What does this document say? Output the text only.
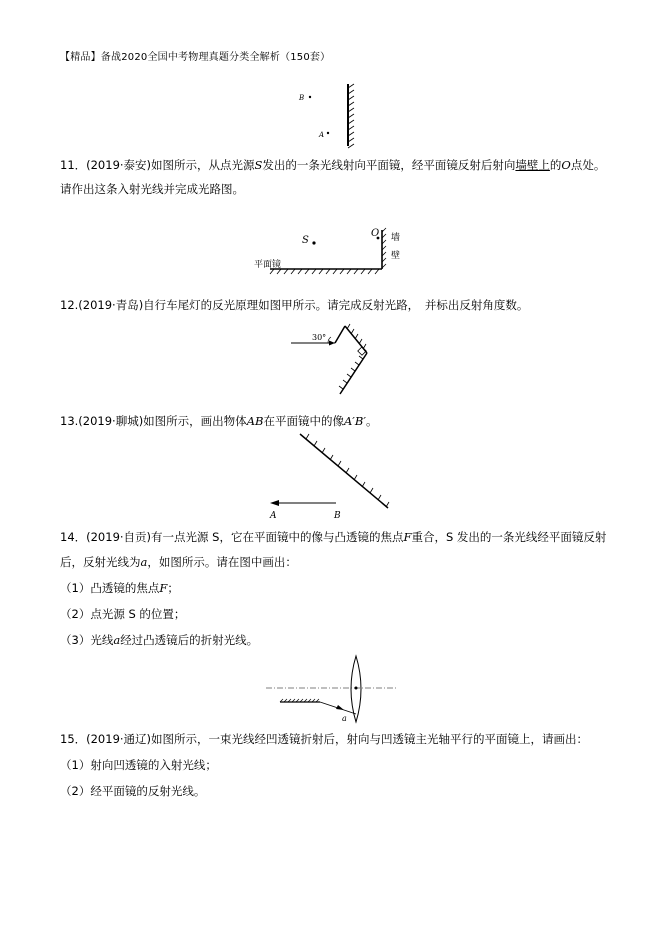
【精品】备战2020全国中考物理真题分类全解析（150套）
B
A
11．(2019·泰安)如图所示，从点光源S发出的一条光线射向平面镜，经平面镜反射后射向墙壁上的O点处。
请作出这条入射光线并完成光路图。
O
S
平面镜
墙
壁
12.(2019·青岛)自行车尾灯的反光原理如图甲所示。请完成反射光路，　并标出反射角度数。
30°
13.(2019·聊城)如图所示，画出物体AB在平面镜中的像A′B′。
A	B
14．(2019·自贡)有一点光源 S，它在平面镜中的像与凸透镜的焦点F重合，S 发出的一条光线经平面镜反射
后，反射光线为a，如图所示。请在图中画出：
（1）凸透镜的焦点F；
（2）点光源 S 的位置；
（3）光线a经过凸透镜后的折射光线。
a
15．(2019·通辽)如图所示，一束光线经凹透镜折射后，射向与凹透镜主光轴平行的平面镜上，请画出：
（1）射向凹透镜的入射光线；
（2）经平面镜的反射光线。
